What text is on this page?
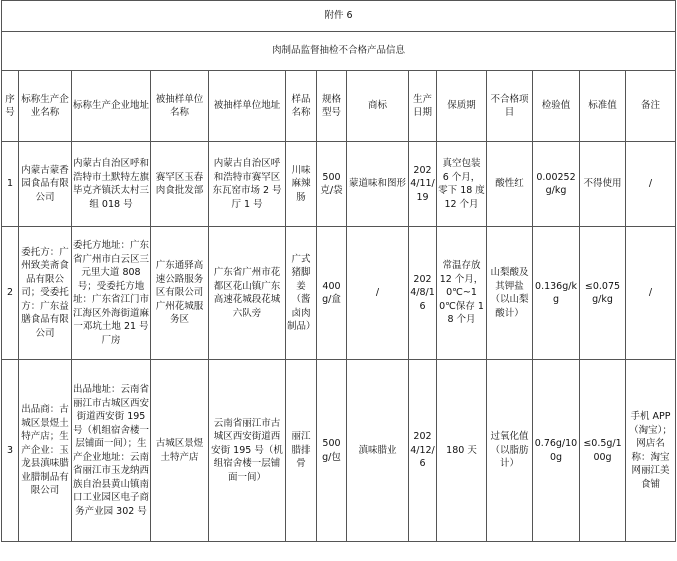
附件 6													
肉制品监督抽检不合格产品信息													
序号	标称生产企业名称	标称生产企业地址	被抽样单位名称	被抽样单位地址	样品名称	规格型号	商标	生产日期	保质期	不合格项目	检验值	标准值	备注
1	内蒙古蒙香园食品有限公司	内蒙古自治区呼和浩特市土默特左旗毕克齐镇沃太村三组 018 号	赛罕区玉春肉食批发部	内蒙古自治区呼和浩特市赛罕区东瓦窑市场 2 号厅 1 号	川味麻辣肠	500 克/袋	蒙道味和图形	2024/11/19	真空包装 6 个月，零下 18 度 12 个月	酸性红	0.00252g/kg	不得使用	/
2	委托方：广州致美斋食品有限公司；受委托方：广东益膳食品有限公司	委托方地址：广东省广州市白云区三元里大道 808 号；受委托方地址：广东省江门市江海区外海街道麻一邓坑土地 21 号厂房	广东通驿高速公路服务区有限公司广州花城服务区	广东省广州市花都区花山镇广东高速花城段花城六队旁	广式猪脚姜（酱卤肉制品）	400g/盒	/	2024/8/16	常温存放 12 个月，0℃~10℃保存 18 个月	山梨酸及其钾盐（以山梨酸计）	0.136g/kg	≤0.075g/kg	/
3	出品商：古城区景煜土特产店；生产企业：玉龙县滇味腊业腊制品有限公司	出品地址：云南省丽江市古城区西安街道西安街 195 号（机组宿舍楼一层铺面一间）；生产企业地址：云南省丽江市玉龙纳西族自治县黄山镇南口工业园区电子商务产业园 302 号	古城区景煜土特产店	云南省丽江市古城区西安街道西安街 195 号（机组宿舍楼一层铺面一间）	丽江腊排骨	500g/包	滇味腊业	2024/12/6	180 天	过氧化值（以脂肪计）	0.76g/100g	≤0.5g/100g	手机 APP（淘宝）；网店名称：淘宝网丽江美食铺
